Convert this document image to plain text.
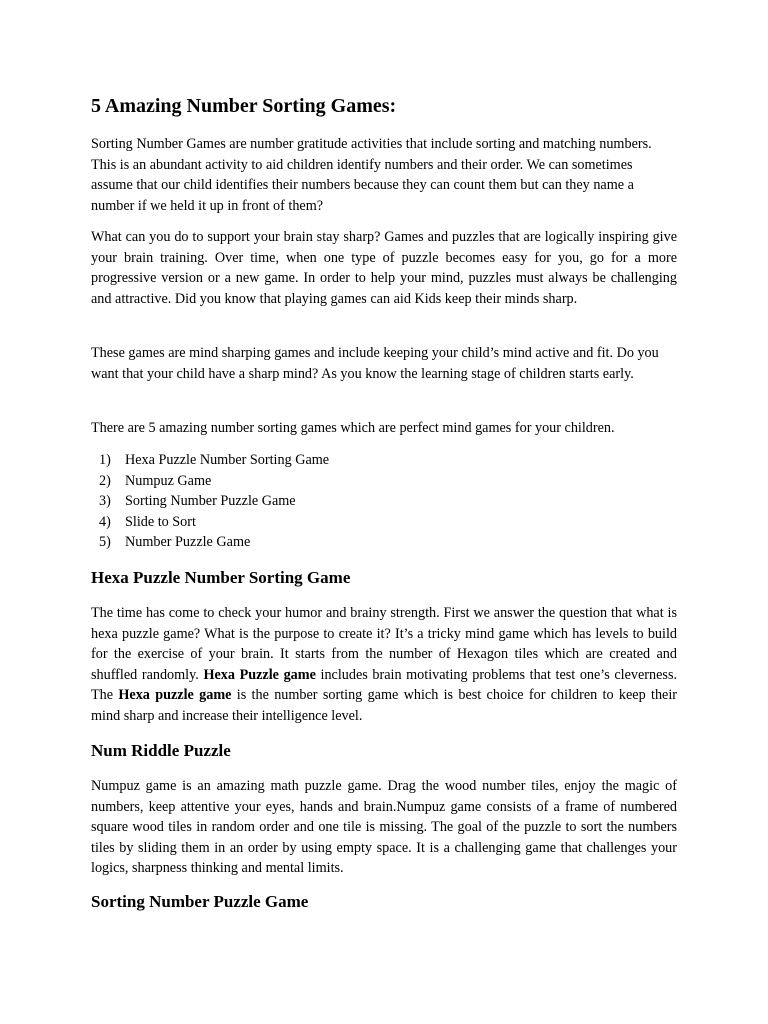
5 Amazing Number Sorting Games:

Sorting Number Games are number gratitude activities that include sorting and matching numbers. This is an abundant activity to aid children identify numbers and their order. We can sometimes assume that our child identifies their numbers because they can count them but can they name a number if we held it up in front of them?

What can you do to support your brain stay sharp? Games and puzzles that are logically inspiring give your brain training. Over time, when one type of puzzle becomes easy for you, go for a more progressive version or a new game. In order to help your mind, puzzles must always be challenging and attractive. Did you know that playing games can aid Kids keep their minds sharp.

These games are mind sharping games and include keeping your child’s mind active and fit. Do you want that your child have a sharp mind? As you know the learning stage of children starts early.

There are 5 amazing number sorting games which are perfect mind games for your children.

1) Hexa Puzzle Number Sorting Game
2) Numpuz Game
3) Sorting Number Puzzle Game
4) Slide to Sort
5) Number Puzzle Game
Hexa Puzzle Number Sorting Game

The time has come to check your humor and brainy strength. First we answer the question that what is hexa puzzle game? What is the purpose to create it? It’s a tricky mind game which has levels to build for the exercise of your brain. It starts from the number of Hexagon tiles which are created and shuffled randomly. Hexa Puzzle game includes brain motivating problems that test one’s cleverness. The Hexa puzzle game is the number sorting game which is best choice for children to keep their mind sharp and increase their intelligence level.

Num Riddle Puzzle

Numpuz game is an amazing math puzzle game. Drag the wood number tiles, enjoy the magic of numbers, keep attentive your eyes, hands and brain.Numpuz game consists of a frame of numbered square wood tiles in random order and one tile is missing. The goal of the puzzle to sort the numbers tiles by sliding them in an order by using empty space. It is a challenging game that challenges your logics, sharpness thinking and mental limits.

Sorting Number Puzzle Game
